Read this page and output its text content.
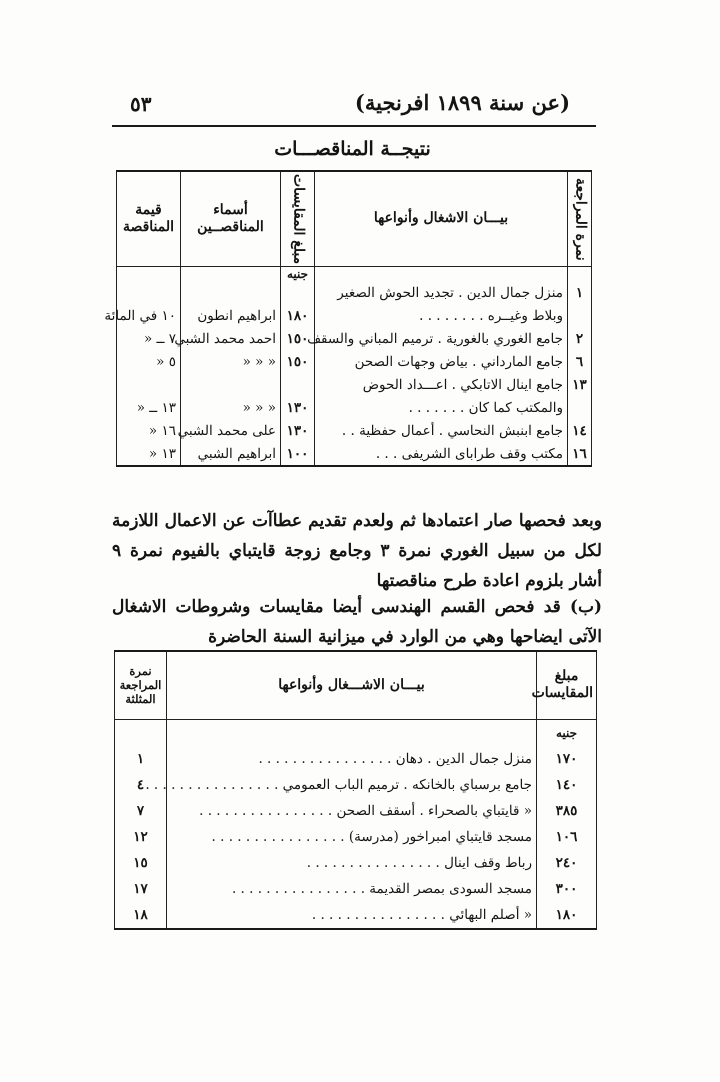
٥٣	(عن سنة ١٨٩٩ افرنجية)
نتيجــة المناقصـــات
نمرة المراجعة	بيـــان الاشغال وأنواعها	مبلغ المقايسات	أسماء المناقصــين	قيمة المناقصة
		جنيه		
١	منزل جمال الدين . تجديد الحوش الصغير			
	وبلاط وغيــره . . . . . . . .	١٨٠	ابراهيم انطون	١٠ في المائة
٢	جامع الغوري بالغورية . ترميم المباني والسقف	١٥٠	احمد محمد الشبي	٧ ــ «
٦	جامع المارداني . بياض وجهات الصحن	١٥٠	« « «	٥ «
١٣	جامع اينال الاتابكي . اعـــداد الحوض			
	والمكتب كما كان . . . . . . .	١٣٠	« « «	١٣ ــ «
١٤	جامع ابنبش النحاسي . أعمال حفظية . .	١٣٠	على محمد الشبي	١٦ «
١٦	مكتب وقف طرابای الشريفى . . .	١٠٠	ابراهيم الشبي	١٣ «
وبعد فحصها صار اعتمادها ثم ولعدم تقديم عطاآت عن الاعمال اللازمة لكل من سبيل الغوري نمرة ٣ وجامع زوجة قايتباي بالفيوم نمرة ٩ أشار بلزوم اعادة طرح مناقصتها
(ب) قد فحص القسم الهندسى أيضا مقايسات وشروطات الاشغال الآتى ايضاحها وهي من الوارد في ميزانية السنة الحاضرة
مبلغ المقايسات	بيـــان الاشـــغال وأنواعها	نمرة المراجعة المثلثة
جنيه		
١٧٠	منزل جمال الدين . دهان . . . . . . . . . . . . . . . .	١
١٤٠	جامع برسباي بالخانكه . ترميم الباب العمومي . . . . . . . . . . . . . . . .	٤
٣٨٥	« قايتباي بالصحراء . أسقف الصحن . . . . . . . . . . . . . . . .	٧
١٠٦	مسجد قايتباي امبراخور (مدرسة) . . . . . . . . . . . . . . . .	١٢
٢٤٠	رباط وقف اينال . . . . . . . . . . . . . . . .	١٥
٣٠٠	مسجد السودى بمصر القديمة . . . . . . . . . . . . . . . .	١٧
١٨٠	« أصلم البهائي . . . . . . . . . . . . . . . .	١٨
